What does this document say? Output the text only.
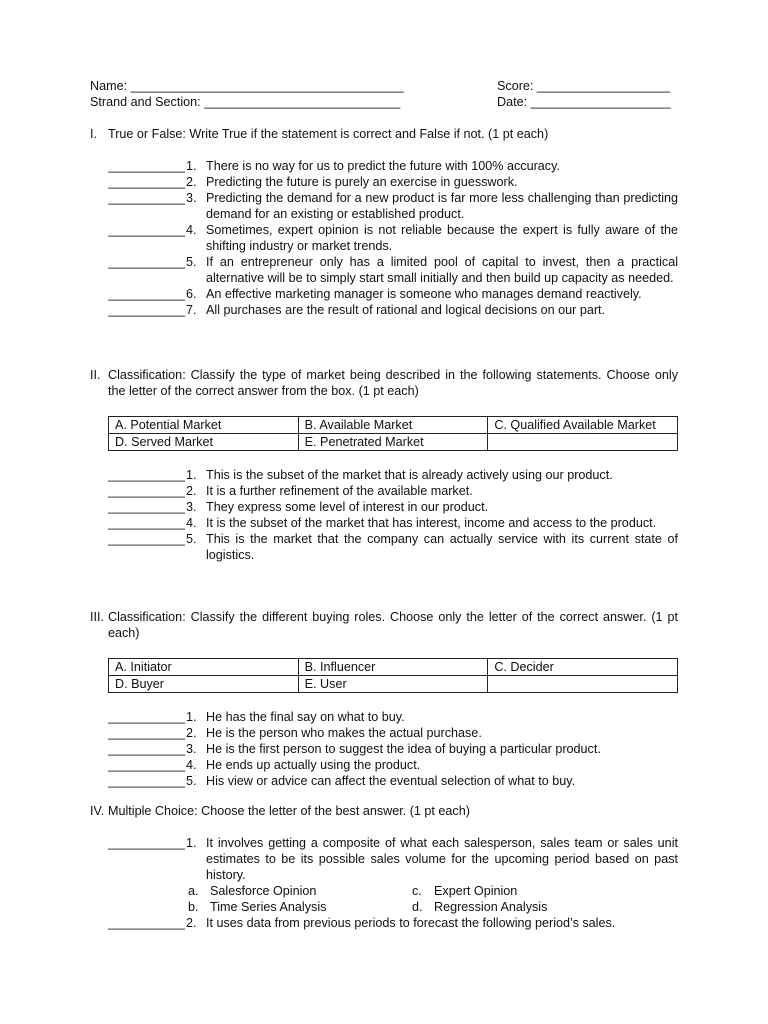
Name: _______________________________________	Score: ___________________
Strand and Section: ____________________________	Date: ____________________
I. True or False: Write True if the statement is correct and False if not. (1 pt each)
___________ 1. There is no way for us to predict the future with 100% accuracy.
___________ 2. Predicting the future is purely an exercise in guesswork.
___________ 3. Predicting the demand for a new product is far more less challenging than predicting demand for an existing or established product.
___________ 4. Sometimes, expert opinion is not reliable because the expert is fully aware of the shifting industry or market trends.
___________ 5. If an entrepreneur only has a limited pool of capital to invest, then a practical alternative will be to simply start small initially and then build up capacity as needed.
___________ 6. An effective marketing manager is someone who manages demand reactively.
___________ 7. All purchases are the result of rational and logical decisions on our part.
II. Classification: Classify the type of market being described in the following statements. Choose only the letter of the correct answer from the box. (1 pt each)
A. Potential Market	B. Available Market	C. Qualified Available Market
D. Served Market	E. Penetrated Market	
___________ 1. This is the subset of the market that is already actively using our product.
___________ 2. It is a further refinement of the available market.
___________ 3. They express some level of interest in our product.
___________ 4. It is the subset of the market that has interest, income and access to the product.
___________ 5. This is the market that the company can actually service with its current state of logistics.
III. Classification: Classify the different buying roles. Choose only the letter of the correct answer. (1 pt each)
A. Initiator	B. Influencer	C. Decider
D. Buyer	E. User	
___________ 1. He has the final say on what to buy.
___________ 2. He is the person who makes the actual purchase.
___________ 3. He is the first person to suggest the idea of buying a particular product.
___________ 4. He ends up actually using the product.
___________ 5. His view or advice can affect the eventual selection of what to buy.
IV. Multiple Choice: Choose the letter of the best answer. (1 pt each)
___________ 1. It involves getting a composite of what each salesperson, sales team or sales unit estimates to be its possible sales volume for the upcoming period based on past history.
a. Salesforce Opinion	c. Expert Opinion
b. Time Series Analysis	d. Regression Analysis
___________ 2. It uses data from previous periods to forecast the following period’s sales.
